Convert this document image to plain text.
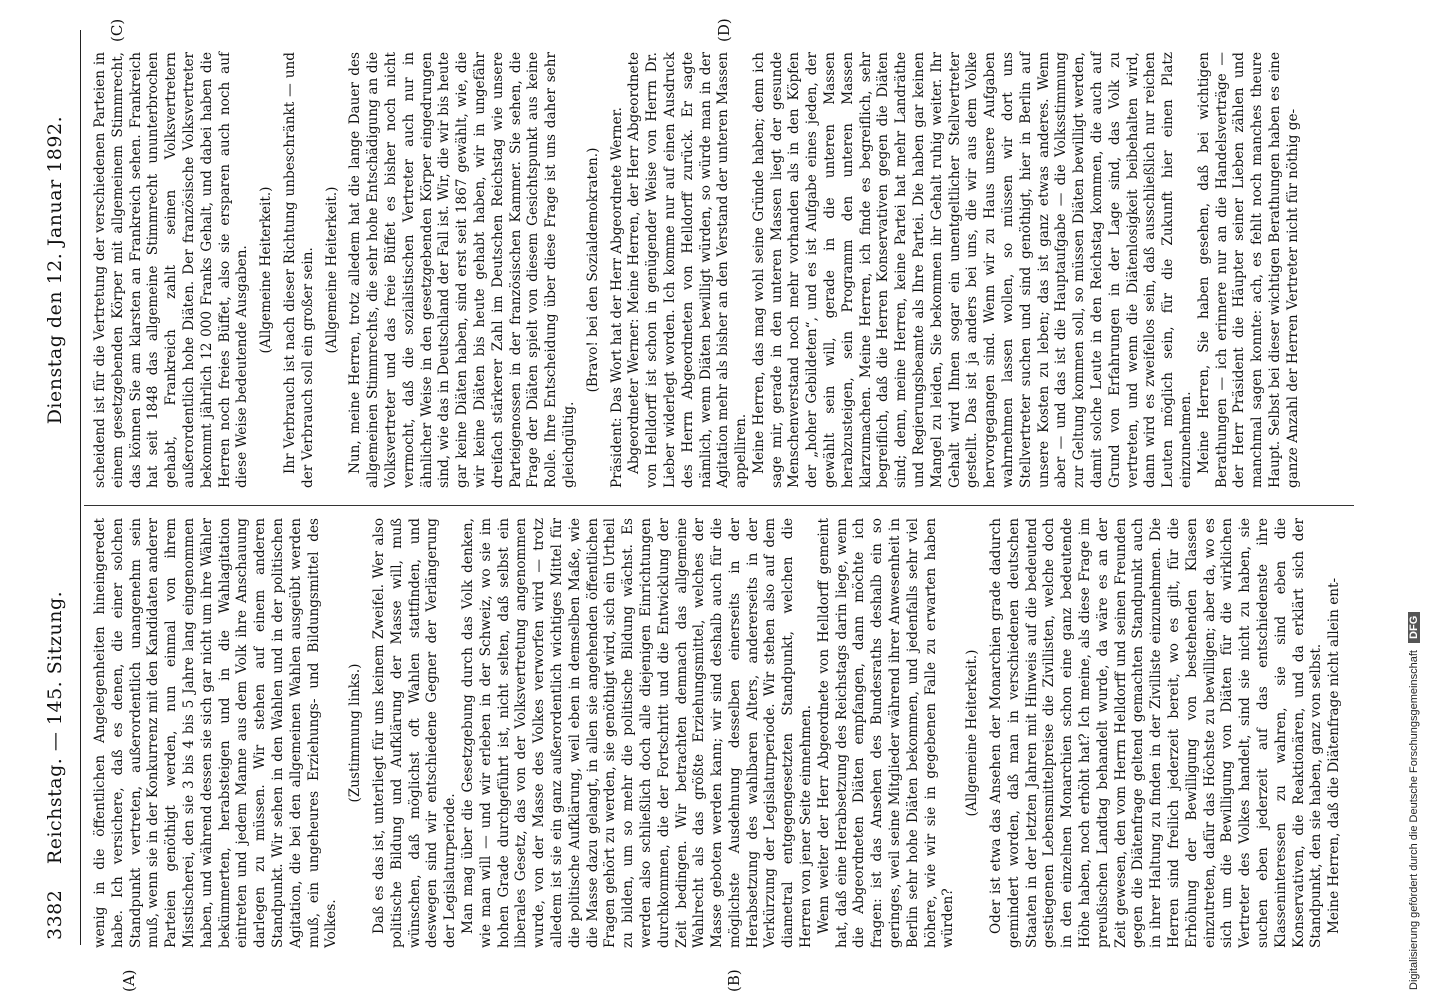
3382
Reichstag. — 145. Sitzung. Dienstag den 12. Januar 1892.
(A)	(B)
(C)	(D)

wenig in die öffentlichen Angelegenheiten hineingeredet habe. Ich versichere, daß es denen, die einer solchen Standpunkt vertreten, außerordentlich unangenehm sein muß, wenn sie in der Konkurrenz mit den Kandidaten anderer Parteien genöthigt werden, nun einmal von ihrem Misstischerei, den sie 3 bis 4 bis 5 Jahre lang eingenommen haben, und während dessen sie sich gar nicht um ihre Wähler bekümmerten, herabsteigen und in die Wahlagitation eintreten und jedem Manne aus dem Volk ihre Anschauung darlegen zu müssen. Wir stehen auf einem anderen Standpunkt. Wir sehen in den Wahlen und in der politischen Agitation, die bei den allgemeinen Wahlen ausgeübt werden muß, ein ungeheures Erziehungs- und Bildungsmittel des Volkes.

(Zustimmung links.) Daß es das ist, unterliegt für uns keinem Zweifel. Wer also politische Bildung und Aufklärung der Masse will, muß wünschen, daß möglichst oft Wahlen stattfinden, und deswegen sind wir entschiedene Gegner der Verlängerung der Legislaturperiode. Man mag über die Gesetzgebung durch das Volk denken, wie man will — und wir erleben in der Schweiz, wo sie im hohen Grade durchgeführt ist, nicht selten, daß selbst ein liberales Gesetz, das von der Volksvertretung angenommen wurde, von der Masse des Volkes verworfen wird — trotz alledem ist sie ein ganz außerordentlich wichtiges Mittel für die politische Aufklärung, weil eben in demselben Maße, wie die Masse dazu gelangt, in allen sie angehenden öffentlichen Fragen gehört zu werden, sie genöthigt wird, sich ein Urtheil zu bilden, um so mehr die politische Bildung wächst. Es werden also schließlich doch alle diejenigen Einrichtungen durchkommen, die der Fortschritt und die Entwicklung der Zeit bedingen. Wir betrachten demnach das allgemeine Wahlrecht als das größte Erziehungsmittel, welches der Masse geboten werden kann; wir sind deshalb auch für die möglichste Ausdehnung desselben einerseits in der Herabsetzung des wahlbaren Alters, andererseits in der Verkürzung der Legislaturperiode. Wir stehen also auf dem diametral entgegengesetzten Standpunkt, welchen die Herren von jener Seite einnehmen. Wenn weiter der Herr Abgeordnete von Helldorff gemeint hat, daß eine Herabsetzung des Reichstags darin liege, wenn die Abgeordneten Diäten empfangen, dann möchte ich fragen: ist das Ansehen des Bundesraths deshalb ein so geringes, weil seine Mitglieder während ihrer Anwesenheit in Berlin sehr hohe Diäten bekommen, und jedenfalls sehr viel höhere, wie wir sie in gegebenen Falle zu erwarten haben würden?

(Allgemeine Heiterkeit.) Oder ist etwa das Ansehen der Monarchien grade dadurch gemindert worden, daß man in verschiedenen deutschen Staaten in der letzten Jahren mit Hinweis auf die bedeutend gestiegenen Lebensmittelpreise die Zivillisten, welche doch in den einzelnen Monarchien schon eine ganz bedeutende Höhe haben, noch erhöht hat? Ich meine, als diese Frage im preußischen Landtag behandelt wurde, da wäre es an der Zeit gewesen, den vom Herrn Helldorff und seinen Freunden gegen die Diätenfrage geltend gemachten Standpunkt auch in ihrer Haltung zu finden in der Zivilliste einzunehmen. Die Herren sind freilich jederzeit bereit, wo es gilt, für die Erhöhung der Bewilligung von bestehenden Klassen einzutreten, dafür das Höchste zu bewilligen; aber da, wo es sich um die Bewilligung von Diäten für die wirklichen Vertreter des Volkes handelt, sind sie nicht zu haben, sie suchen eben jederzeit auf das entschiedenste ihre Klasseninteressen zu wahren, sie sind eben die Konservativen, die Reaktionären, und da erklärt sich der Standpunkt, den sie haben, ganz von selbst. Meine Herren, daß die Diätenfrage nicht allein ent-

scheidend ist für die Vertretung der verschiedenen Parteien in einem gesetzgebenden Körper mit allgemeinem Stimmrecht, das können Sie am klarsten an Frankreich sehen. Frankreich hat seit 1848 das allgemeine Stimmrecht ununterbrochen gehabt, Frankreich zahlt seinen Volksvertretern außerordentlich hohe Diäten. Der französische Volksvertreter bekommt jährlich 12 000 Franks Gehalt, und dabei haben die Herren noch freies Büffet, also sie ersparen auch noch auf diese Weise bedeutende Ausgaben. (Allgemeine Heiterkeit.) Ihr Verbrauch ist nach dieser Richtung unbeschränkt — und der Verbrauch soll ein großer sein. (Allgemeine Heiterkeit.) Nun, meine Herren, trotz alledem hat die lange Dauer des allgemeinen Stimmrechts, die sehr hohe Entschädigung an die Volksvertreter und das freie Büffet es bisher noch nicht vermocht, daß die sozialistischen Vertreter auch nur in ähnlicher Weise in den gesetzgebenden Körper eingedrungen sind, wie das in Deutschland der Fall ist. Wir, die wir bis heute gar keine Diäten haben, sind erst seit 1867 gewählt, wie, die wir keine Diäten bis heute gehabt haben, wir in ungefähr dreifach stärkerer Zahl im Deutschen Reichstag wie unsere Parteigenossen in der französischen Kammer. Sie sehen, die Frage der Diäten spielt von diesem Gesichtspunkt aus keine Rolle. Ihre Entscheidung über diese Frage ist uns daher sehr gleichgültig.

(Bravo! bei den Sozialdemokraten.) Präsident: Das Wort hat der Herr Abgeordnete Werner. Abgeordneter Werner: Meine Herren, der Herr Abgeordnete von Helldorff ist schon in genügender Weise von Herrn Dr. Lieber widerlegt worden. Ich komme nur auf einen Ausdruck des Herrn Abgeordneten von Helldorff zurück. Er sagte nämlich, wenn Diäten bewilligt würden, so würde man in der Agitation mehr als bisher an den Verstand der unteren Massen appelliren. Meine Herren, das mag wohl seine Gründe haben; denn ich sage mir, gerade in den unteren Massen liegt der gesunde Menschenverstand noch mehr vorhanden als in den Köpfen der „hoher Gebildeten“, und es ist Aufgabe eines jeden, der gewählt sein will, gerade in die unteren Massen herabzusteigen, sein Programm den unteren Massen klarzumachen. Meine Herren, ich finde es begreiflich, sehr begreiflich, daß die Herren Konservativen gegen die Diäten sind; denn, meine Herren, keine Partei hat mehr Landräthe und Regierungsbeamte als Ihre Partei. Die haben gar keinen Mangel zu leiden, Sie bekommen ihr Gehalt ruhig weiter. Ihr Gehalt wird Ihnen sogar ein unentgeltlicher Stellvertreter gestellt. Das ist ja anders bei uns, die wir aus dem Volke hervorgegangen sind. Wenn wir zu Haus unsere Aufgaben wahrnehmen lassen wollen, so müssen wir dort uns Stellvertreter suchen und sind genöthigt, hier in Berlin auf unsere Kosten zu leben; das ist ganz etwas anderes. Wenn aber — und das ist die Hauptaufgabe — die Volksstimmung zur Geltung kommen soll, so müssen Diäten bewilligt werden, damit solche Leute in den Reichstag kommen, die auch auf Grund von Erfahrungen in der Lage sind, das Volk zu vertreten, und wenn die Diätenlosigkeit beibehalten wird, dann wird es zweifellos sein, daß ausschließlich nur reichen Leuten möglich sein, für die Zukunft hier einen Platz einzunehmen. Meine Herren, Sie haben gesehen, daß bei wichtigen Berathungen — ich erinnere nur an die Handelsverträge — der Herr Präsident die Häupter seiner Lieben zählen und manchmal sagen konnte: ach, es fehlt noch manches theure Haupt. Selbst bei dieser wichtigen Berathungen haben es eine ganze Anzahl der Herren Vertreter nicht für nöthig ge-

Digitalisierung gefördert durch die Deutsche Forschungsgemeinschaft DFG
